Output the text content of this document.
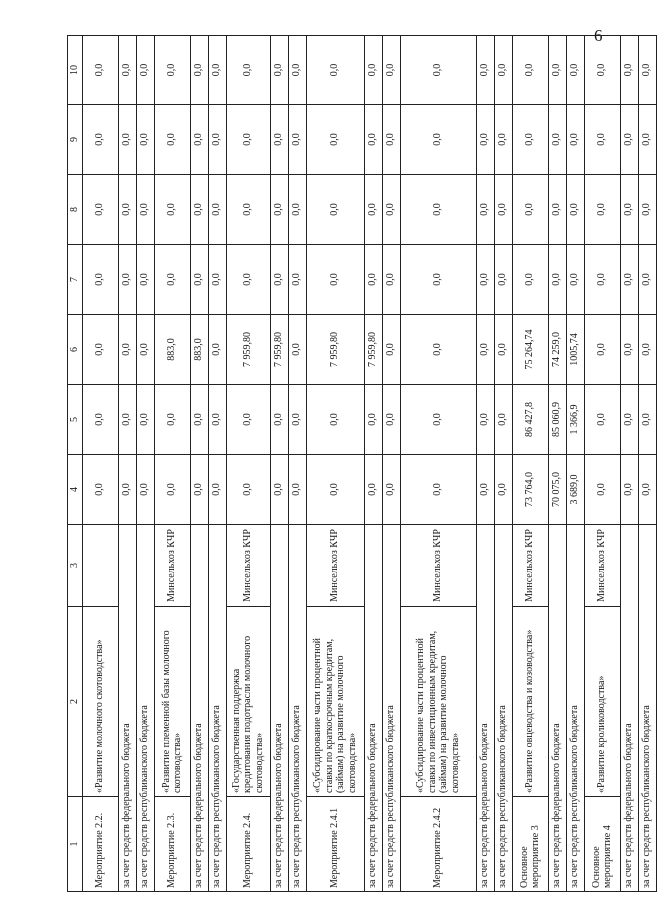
6
1	2	3	4	5	6	7	8	9	10
Мероприятие 2.2.	«Развитие молочного скотоводства»		0,0	0,0	0,0	0,0	0,0	0,0	0,0
за счет средств федерального бюджета			0,0	0,0	0,0	0,0	0,0	0,0	0,0
за счет средств республиканского бюджета			0,0	0,0	0,0	0,0	0,0	0,0	0,0
Мероприятие 2.3.	«Развитие племенной базы молочного скотоводства»	Минсельхоз КЧР	0,0	0,0	883,0	0,0	0,0	0,0	0,0
за счет средств федерального бюджета			0,0	0,0	883,0	0,0	0,0	0,0	0,0
за счет средств республиканского бюджета			0,0	0,0	0,0	0,0	0,0	0,0	0,0
Мероприятие 2.4.	«Государственная поддержка кредитования подотрасли молочного скотоводства»	Минсельхоз КЧР	0,0	0,0	7 959,80	0,0	0,0	0,0	0,0
за счет средств федерального бюджета			0,0	0,0	7 959,80	0,0	0,0	0,0	0,0
за счет средств республиканского бюджета			0,0	0,0	0,0	0,0	0,0	0,0	0,0
Мероприятие 2.4.1	«Субсидирование части процентной ставки по краткосрочным кредитам, (займам) на развитие молочного скотоводства»	Минсельхоз КЧР	0,0	0,0	7 959,80	0,0	0,0	0,0	0,0
за счет средств федерального бюджета			0,0	0,0	7 959,80	0,0	0,0	0,0	0,0
за счет средств республиканского бюджета			0,0	0,0	0,0	0,0	0,0	0,0	0,0
Мероприятие 2.4.2	«Субсидирование части процентной ставки по инвестиционным кредитам, (займам) на развитие молочного скотоводства»	Минсельхоз КЧР	0,0	0,0	0,0	0,0	0,0	0,0	0,0
за счет средств федерального бюджета			0,0	0,0	0,0	0,0	0,0	0,0	0,0
за счет средств республиканского бюджета			0,0	0,0	0,0	0,0	0,0	0,0	0,0
Основное мероприятие 3	«Развитие овцеводства и козоводства»	Минсельхоз КЧР	73 764,0	86 427,8	75 264,74	0,0	0,0	0,0	0,0
за счет средств федерального бюджета			70 075,0	85 060,9	74 259,0	0,0	0,0	0,0	0,0
за счет средств республиканского бюджета			3 689,0	1 366,9	1005,74	0,0	0,0	0,0	0,0
Основное мероприятие 4	«Развитие кролиководства»	Минсельхоз КЧР	0,0	0,0	0,0	0,0	0,0	0,0	0,0
за счет средств федерального бюджета			0,0	0,0	0,0	0,0	0,0	0,0	0,0
за счет средств республиканского бюджета			0,0	0,0	0,0	0,0	0,0	0,0	0,0
